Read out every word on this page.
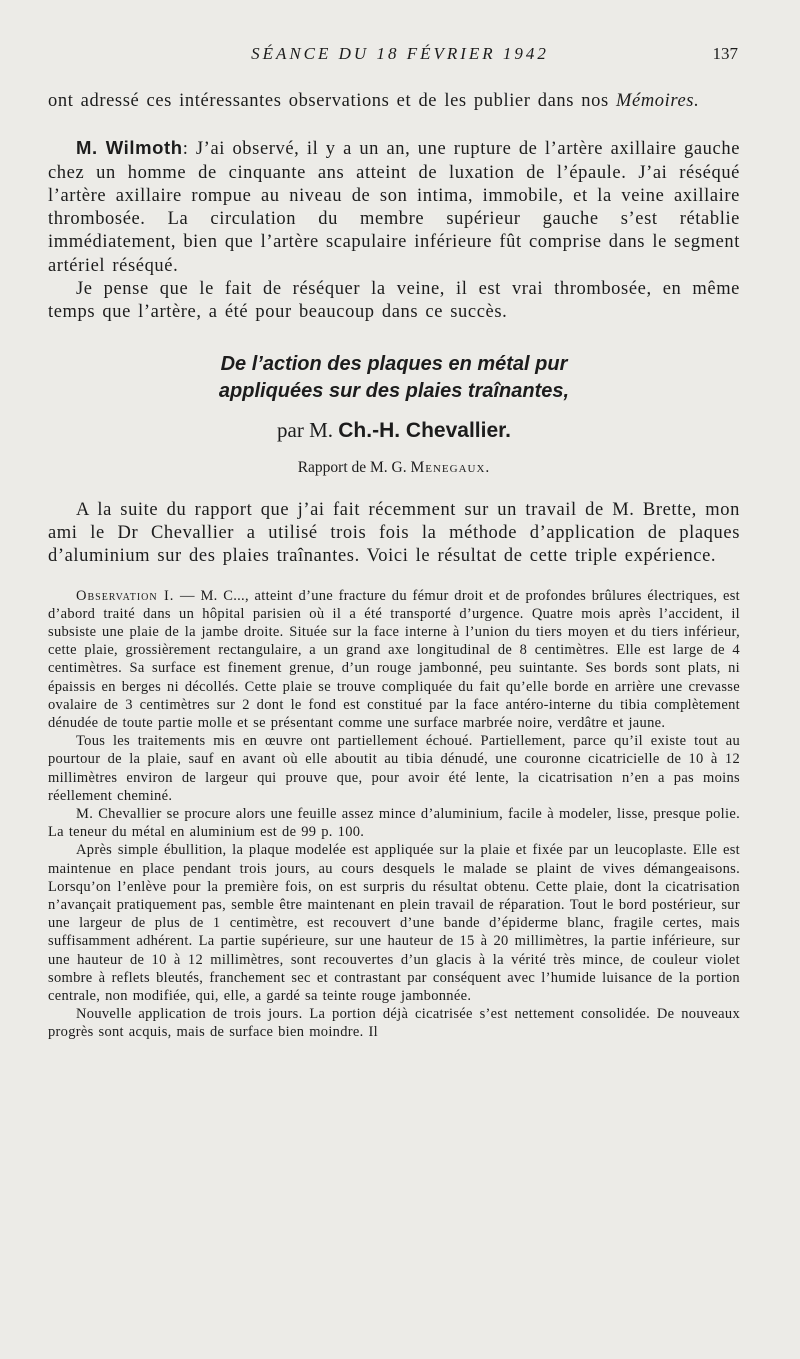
SÉANCE DU 18 FÉVRIER 1942	137

ont adressé ces intéressantes observations et de les publier dans nos Mémoires.

M. Wilmoth: J’ai observé, il y a un an, une rupture de l’artère axillaire gauche chez un homme de cinquante ans atteint de luxation de l’épaule. J’ai réséqué l’artère axillaire rompue au niveau de son intima, immobile, et la veine axillaire thrombosée. La circulation du membre supérieur gauche s’est rétablie immédiatement, bien que l’artère scapulaire inférieure fût comprise dans le segment artériel réséqué.

Je pense que le fait de réséquer la veine, il est vrai thrombosée, en même temps que l’artère, a été pour beaucoup dans ce succès.

De l’action des plaques en métal pur
appliquées sur des plaies traînantes,
par M. Ch.-H. Chevallier.
Rapport de M. G. Menegaux.

A la suite du rapport que j’ai fait récemment sur un travail de M. Brette, mon ami le Dr Chevallier a utilisé trois fois la méthode d’application de plaques d’aluminium sur des plaies traînantes. Voici le résultat de cette triple expérience.

Observation I. — M. C..., atteint d’une fracture du fémur droit et de profondes brûlures électriques, est d’abord traité dans un hôpital parisien où il a été transporté d’urgence. Quatre mois après l’accident, il subsiste une plaie de la jambe droite. Située sur la face interne à l’union du tiers moyen et du tiers inférieur, cette plaie, grossièrement rectangulaire, a un grand axe longitudinal de 8 centimètres. Elle est large de 4 centimètres. Sa surface est finement grenue, d’un rouge jambonné, peu suintante. Ses bords sont plats, ni épaissis en berges ni décollés. Cette plaie se trouve compliquée du fait qu’elle borde en arrière une crevasse ovalaire de 3 centimètres sur 2 dont le fond est constitué par la face antéro-interne du tibia complètement dénudée de toute partie molle et se présentant comme une surface marbrée noire, verdâtre et jaune.

Tous les traitements mis en œuvre ont partiellement échoué. Partiellement, parce qu’il existe tout au pourtour de la plaie, sauf en avant où elle aboutit au tibia dénudé, une couronne cicatricielle de 10 à 12 millimètres environ de largeur qui prouve que, pour avoir été lente, la cicatrisation n’en a pas moins réellement cheminé.

M. Chevallier se procure alors une feuille assez mince d’aluminium, facile à modeler, lisse, presque polie. La teneur du métal en aluminium est de 99 p. 100.

Après simple ébullition, la plaque modelée est appliquée sur la plaie et fixée par un leucoplaste. Elle est maintenue en place pendant trois jours, au cours desquels le malade se plaint de vives démangeaisons. Lorsqu’on l’enlève pour la première fois, on est surpris du résultat obtenu. Cette plaie, dont la cicatrisation n’avançait pratiquement pas, semble être maintenant en plein travail de réparation. Tout le bord postérieur, sur une largeur de plus de 1 centimètre, est recouvert d’une bande d’épiderme blanc, fragile certes, mais suffisamment adhérent. La partie supérieure, sur une hauteur de 15 à 20 millimètres, la partie inférieure, sur une hauteur de 10 à 12 millimètres, sont recouvertes d’un glacis à la vérité très mince, de couleur violet sombre à reflets bleutés, franchement sec et contrastant par conséquent avec l’humide luisance de la portion centrale, non modifiée, qui, elle, a gardé sa teinte rouge jambonnée.

Nouvelle application de trois jours. La portion déjà cicatrisée s’est nettement consolidée. De nouveaux progrès sont acquis, mais de surface bien moindre. Il
